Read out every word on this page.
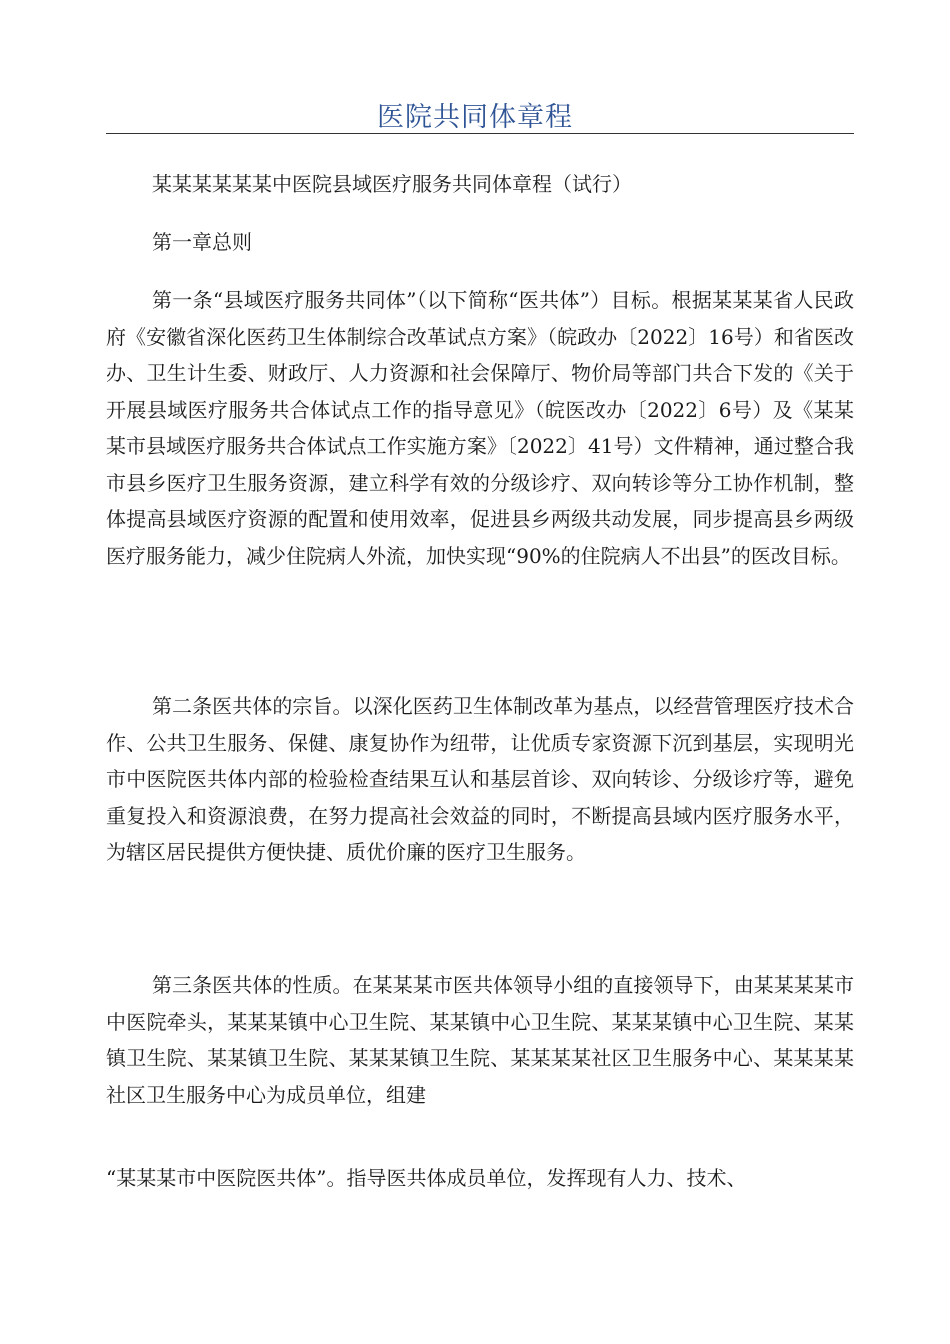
医院共同体章程

某某某某某某中医院县域医疗服务共同体章程（试行）

第一章总则

第一条“县域医疗服务共同体”（以下简称“医共体”）目标。根据某某某省人民政府《安徽省深化医药卫生体制综合改革试点方案》（皖政办〔2022〕16号）和省医改办、卫生计生委、财政厅、人力资源和社会保障厅、物价局等部门共合下发的《关于开展县域医疗服务共合体试点工作的指导意见》（皖医改办〔2022〕6号）及《某某某市县域医疗服务共合体试点工作实施方案》〔2022〕41号）文件精神，通过整合我市县乡医疗卫生服务资源，建立科学有效的分级诊疗、双向转诊等分工协作机制，整体提高县域医疗资源的配置和使用效率，促进县乡两级共动发展，同步提高县乡两级医疗服务能力，减少住院病人外流，加快实现“90%的住院病人不出县”的医改目标。

第二条医共体的宗旨。以深化医药卫生体制改革为基点，以经营管理医疗技术合作、公共卫生服务、保健、康复协作为纽带，让优质专家资源下沉到基层，实现明光市中医院医共体内部的检验检查结果互认和基层首诊、双向转诊、分级诊疗等，避免重复投入和资源浪费，在努力提高社会效益的同时，不断提高县域内医疗服务水平，为辖区居民提供方便快捷、质优价廉的医疗卫生服务。

第三条医共体的性质。在某某某市医共体领导小组的直接领导下，由某某某某市中医院牵头，某某某镇中心卫生院、某某镇中心卫生院、某某某镇中心卫生院、某某镇卫生院、某某镇卫生院、某某某镇卫生院、某某某某社区卫生服务中心、某某某某社区卫生服务中心为成员单位，组建

“某某某市中医院医共体”。指导医共体成员单位，发挥现有人力、技术、
